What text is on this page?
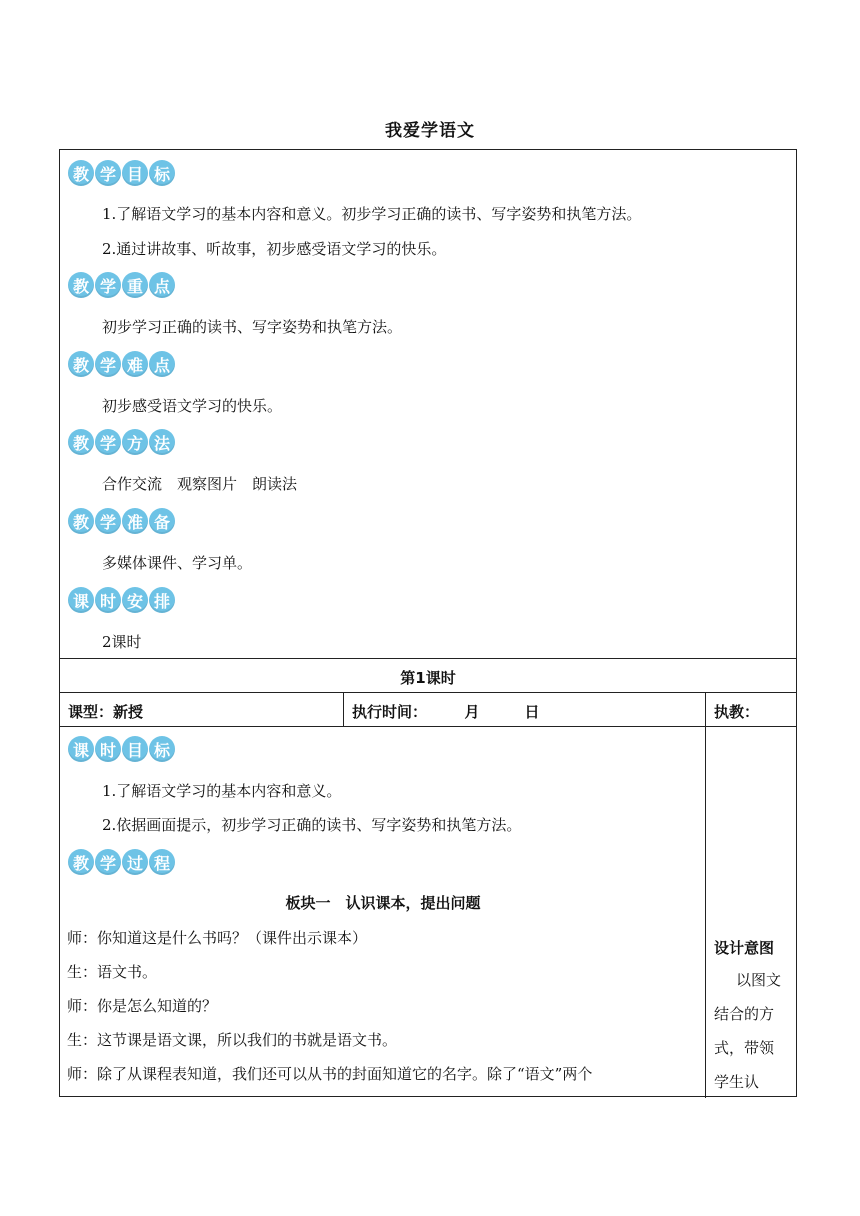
我爱学语文
教 学 目 标
1.了解语文学习的基本内容和意义。初步学习正确的读书、写字姿势和执笔方法。
2.通过讲故事、听故事，初步感受语文学习的快乐。
教 学 重 点
初步学习正确的读书、写字姿势和执笔方法。
教 学 难 点
初步感受语文学习的快乐。
教 学 方 法
合作交流　观察图片　朗读法
教 学 准 备
多媒体课件、学习单。
课 时 安 排
2课时
第1课时
课型：新授	执行时间：　　　月　　　日	执教：
课 时 目 标
1.了解语文学习的基本内容和意义。
2.依据画面提示，初步学习正确的读书、写字姿势和执笔方法。
教 学 过 程
板块一　认识课本，提出问题
师：你知道这是什么书吗？（课件出示课本）
生：语文书。
师：你是怎么知道的？
生：这节课是语文课，所以我们的书就是语文书。
师：除了从课程表知道，我们还可以从书的封面知道它的名字。除了“语文”两个
设计意图
以图文结合的方式，带领学生认
